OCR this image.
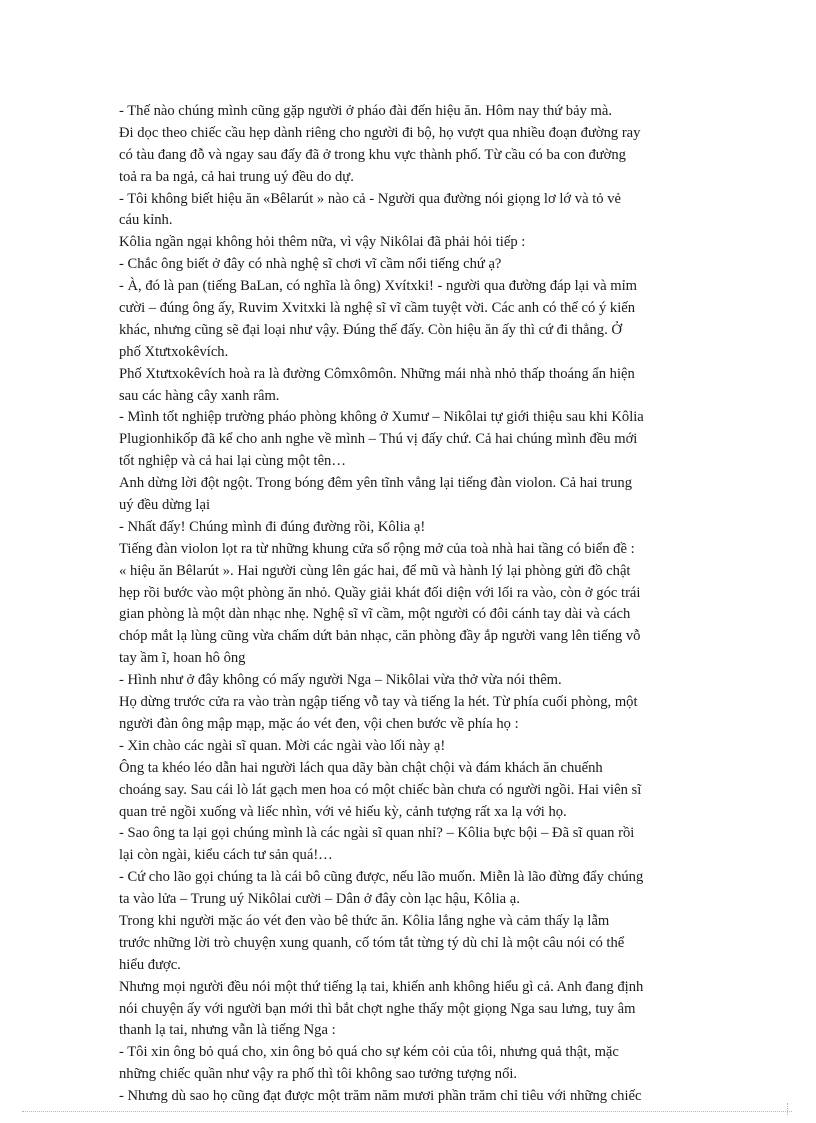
- Thế nào chúng mình cũng gặp người ở pháo đài đến hiệu ăn. Hôm nay thứ bảy mà.
Đi dọc theo chiếc cầu hẹp dành riêng cho người đi bộ, họ vượt qua nhiều đoạn đường ray
có tàu đang đỗ và ngay sau đấy đã ở trong khu vực thành phố. Từ cầu có ba con đường
toả ra ba ngả, cả hai trung uý đều do dự.
- Tôi không biết hiệu ăn «Bêlarút » nào cả - Người qua đường nói giọng lơ lớ và tỏ vẻ
cáu kỉnh.
Kôlia ngần ngại không hỏi thêm nữa, vì vậy Nikôlai đã phải hỏi tiếp :
- Chắc ông biết ở đây có nhà nghệ sĩ chơi vĩ cầm nổi tiếng chứ ạ?
- À, đó là pan (tiếng BaLan, có nghĩa là ông) Xvítxki! - người qua đường đáp lại và mỉm
cười – đúng ông ấy, Ruvim Xvitxki là nghệ sĩ vĩ cầm tuyệt vời. Các anh có thể có ý kiến
khác, nhưng cũng sẽ đại loại như vậy. Đúng thế đấy. Còn hiệu ăn ấy thì cứ đi thẳng. Ở
phố Xtưtxokêvích.
Phố Xtưtxokêvích hoà ra là đường Cômxômôn. Những mái nhà nhỏ thấp thoáng ẩn hiện
sau các hàng cây xanh râm.
- Mình tốt nghiệp trường pháo phòng không ở Xumư – Nikôlai tự giới thiệu sau khi Kôlia
Plugionhikốp đã kể cho anh nghe về mình – Thú vị đấy chứ. Cả hai chúng mình đều mới
tốt nghiệp và cả hai lại cùng một tên…
Anh dừng lời đột ngột. Trong bóng đêm yên tĩnh vẳng lại tiếng đàn violon. Cả hai trung
uý đều dừng lại
- Nhất đấy! Chúng mình đi đúng đường rồi, Kôlia ạ!
Tiếng đàn violon lọt ra từ những khung cửa sổ rộng mở của toà nhà hai tầng có biển đề :
« hiệu ăn Bêlarút ». Hai người cùng lên gác hai, để mũ và hành lý lại phòng gửi đồ chật
hẹp rồi bước vào một phòng ăn nhỏ. Quầy giải khát đối diện với lối ra vào, còn ở góc trái
gian phòng là một dàn nhạc nhẹ. Nghệ sĩ vĩ cầm, một người có đôi cánh tay dài và cách
chóp mắt lạ lùng cũng vừa chấm dứt bản nhạc, căn phòng đầy ắp người vang lên tiếng vỗ
tay ầm ĩ, hoan hô ông
- Hình như ở đây không có mấy người Nga – Nikôlai vừa thở vừa nói thêm.
Họ dừng trước cửa ra vào tràn ngập tiếng vỗ tay và tiếng la hét. Từ phía cuối phòng, một
người đàn ông mập mạp, mặc áo vét đen, vội chen bước về phía họ :
- Xin chào các ngài sĩ quan. Mời các ngài vào lối này ạ!
Ông ta khéo léo dẫn hai người lách qua dãy bàn chật chội và đám khách ăn chuếnh
choáng say. Sau cái lò lát gạch men hoa có một chiếc bàn chưa có người ngồi. Hai viên sĩ
quan trẻ ngồi xuống và liếc nhìn, với vẻ hiếu kỳ, cảnh tượng rất xa lạ với họ.
- Sao ông ta lại gọi chúng mình là các ngài sĩ quan nhỉ? – Kôlia bực bội – Đã sĩ quan rồi
lại còn ngài, kiểu cách tư sản quá!…
- Cứ cho lão gọi chúng ta là cái bô cũng được, nếu lão muốn. Miễn là lão đừng đẩy chúng
ta vào lửa – Trung uý Nikôlai cười – Dân ở đây còn lạc hậu, Kôlia ạ.
Trong khi người mặc áo vét đen vào bê thức ăn. Kôlia lắng nghe và cảm thấy lạ lẫm
trước những lời trò chuyện xung quanh, cố tóm tắt từng tý dù chỉ là một câu nói có thể
hiểu được.
Nhưng mọi người đều nói một thứ tiếng lạ tai, khiến anh không hiểu gì cả. Anh đang định
nói chuyện ấy với người bạn mới thì bắt chợt nghe thấy một giọng Nga sau lưng, tuy âm
thanh lạ tai, nhưng vẫn là tiếng Nga :
- Tôi xin ông bỏ quá cho, xin ông bỏ quá cho sự kém cỏi của tôi, nhưng quả thật, mặc
những chiếc quần như vậy ra phố thì tôi không sao tưởng tượng nổi.
- Nhưng dù sao họ cũng đạt được một trăm năm mươi phần trăm chỉ tiêu với những chiếc
